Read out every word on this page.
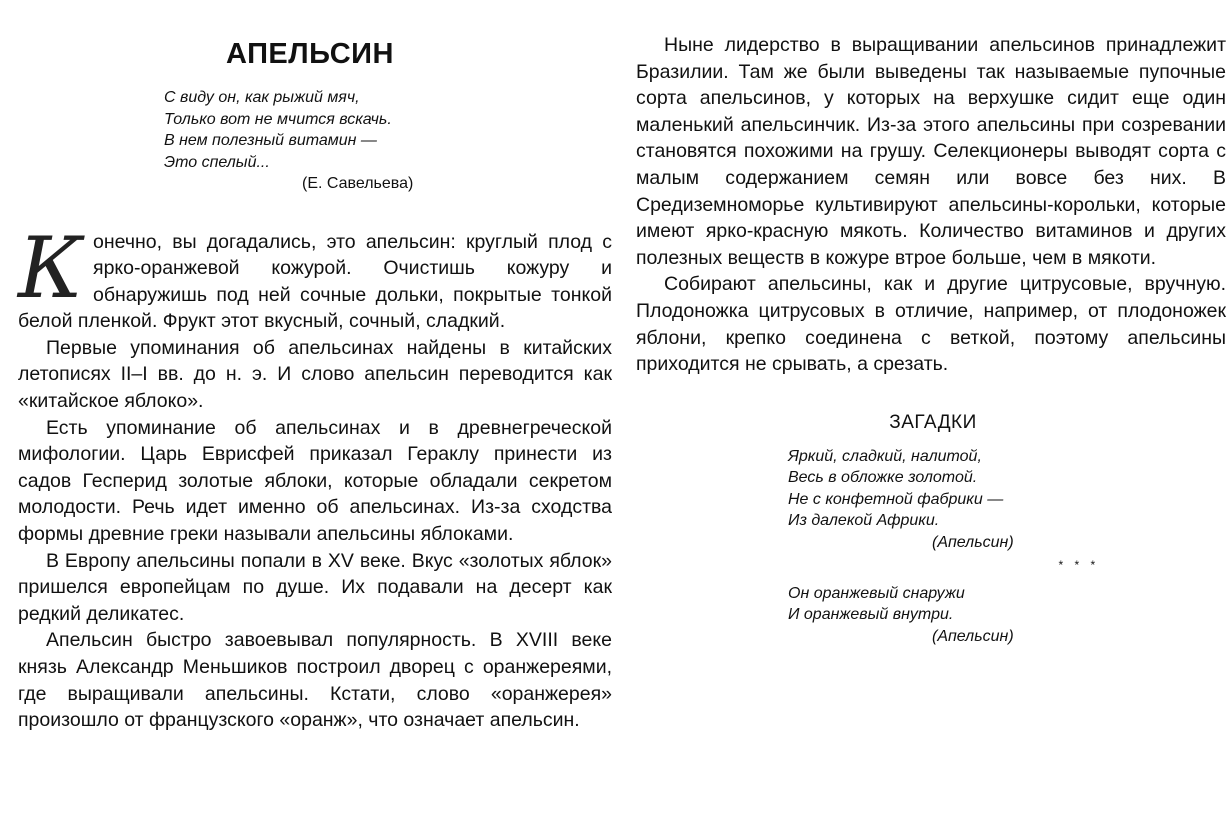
АПЕЛЬСИН
С виду он, как рыжий мяч,
Только вот не мчится вскачь.
В нем полезный витамин —
Это спелый...
(Е. Савельева)

Конечно, вы догадались, это апельсин: круглый плод с ярко-оранжевой кожурой. Очистишь кожуру и обнаружишь под ней сочные дольки, покрытые тонкой белой пленкой. Фрукт этот вкусный, сочный, сладкий.

Первые упоминания об апельсинах найдены в китайских летописях II–I вв. до н. э. И слово апельсин переводится как «китайское яблоко».

Есть упоминание об апельсинах и в древнегреческой мифологии. Царь Еврисфей приказал Гераклу принести из садов Гесперид золотые яблоки, которые обладали секретом молодости. Речь идет именно об апельсинах. Из-за сходства формы древние греки называли апельсины яблоками.

В Европу апельсины попали в XV веке. Вкус «золотых яблок» пришелся европейцам по душе. Их подавали на десерт как редкий деликатес.

Апельсин быстро завоевывал популярность. В XVIII веке князь Александр Меньшиков построил дворец с оранжереями, где выращивали апельсины. Кстати, слово «оранжерея» произошло от французского «оранж», что означает апельсин.

Ныне лидерство в выращивании апельсинов принадлежит Бразилии. Там же были выведены так называемые пупочные сорта апельсинов, у которых на верхушке сидит еще один маленький апельсинчик. Из-за этого апельсины при созревании становятся похожими на грушу. Селекционеры выводят сорта с малым содержанием семян или вовсе без них. В Средиземноморье культивируют апельсины-корольки, которые имеют ярко-красную мякоть. Количество витаминов и других полезных веществ в кожуре втрое больше, чем в мякоти.

Собирают апельсины, как и другие цитрусовые, вручную. Плодоножка цитрусовых в отличие, например, от плодоножек яблони, крепко соединена с веткой, поэтому апельсины приходится не срывать, а срезать.

ЗАГАДКИ
Яркий, сладкий, налитой,
Весь в обложке золотой.
Не с конфетной фабрики —
Из далекой Африки.
(Апельсин)
* * *
Он оранжевый снаружи
И оранжевый внутри.
(Апельсин)
